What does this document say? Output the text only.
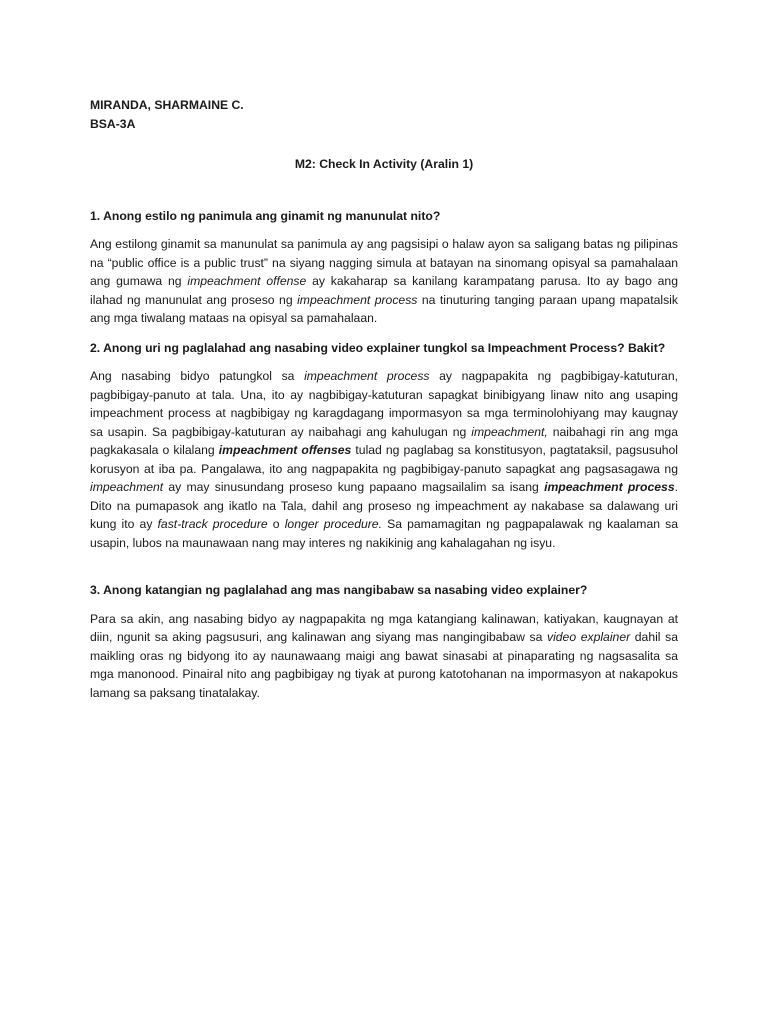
MIRANDA, SHARMAINE C.

BSA-3A

M2: Check In Activity (Aralin 1)

1. Anong estilo ng panimula ang ginamit ng manunulat nito?

Ang estilong ginamit sa manunulat sa panimula ay ang pagsisipi o halaw ayon sa saligang batas ng pilipinas na “public office is a public trust” na siyang nagging simula at batayan na sinomang opisyal sa pamahalaan ang gumawa ng impeachment offense ay kakaharap sa kanilang karampatang parusa. Ito ay bago ang ilahad ng manunulat ang proseso ng impeachment process na tinuturing tanging paraan upang mapatalsik ang mga tiwalang mataas na opisyal sa pamahalaan.

2. Anong uri ng paglalahad ang nasabing video explainer tungkol sa Impeachment Process? Bakit?

Ang nasabing bidyo patungkol sa impeachment process ay nagpapakita ng pagbibigay-katuturan, pagbibigay-panuto at tala. Una, ito ay nagbibigay-katuturan sapagkat binibigyang linaw nito ang usaping impeachment process at nagbibigay ng karagdagang impormasyon sa mga terminolohiyang may kaugnay sa usapin. Sa pagbibigay-katuturan ay naibahagi ang kahulugan ng impeachment, naibahagi rin ang mga pagkakasala o kilalang impeachment offenses tulad ng paglabag sa konstitusyon, pagtataksil, pagsusuhol korusyon at iba pa. Pangalawa, ito ang nagpapakita ng pagbibigay-panuto sapagkat ang pagsasagawa ng impeachment ay may sinusundang proseso kung papaano magsailalim sa isang impeachment process. Dito na pumapasok ang ikatlo na Tala, dahil ang proseso ng impeachment ay nakabase sa dalawang uri kung ito ay fast-track procedure o longer procedure. Sa pamamagitan ng pagpapalawak ng kaalaman sa usapin, lubos na maunawaan nang may interes ng nakikinig ang kahalagahan ng isyu.

3. Anong katangian ng paglalahad ang mas nangibabaw sa nasabing video explainer?

Para sa akin, ang nasabing bidyo ay nagpapakita ng mga katangiang kalinawan, katiyakan, kaugnayan at diin, ngunit sa aking pagsusuri, ang kalinawan ang siyang mas nangingibabaw sa video explainer dahil sa maikling oras ng bidyong ito ay naunawaang maigi ang bawat sinasabi at pinaparating ng nagsasalita sa mga manonood. Pinairal nito ang pagbibigay ng tiyak at purong katotohanan na impormasyon at nakapokus lamang sa paksang tinatalakay.
